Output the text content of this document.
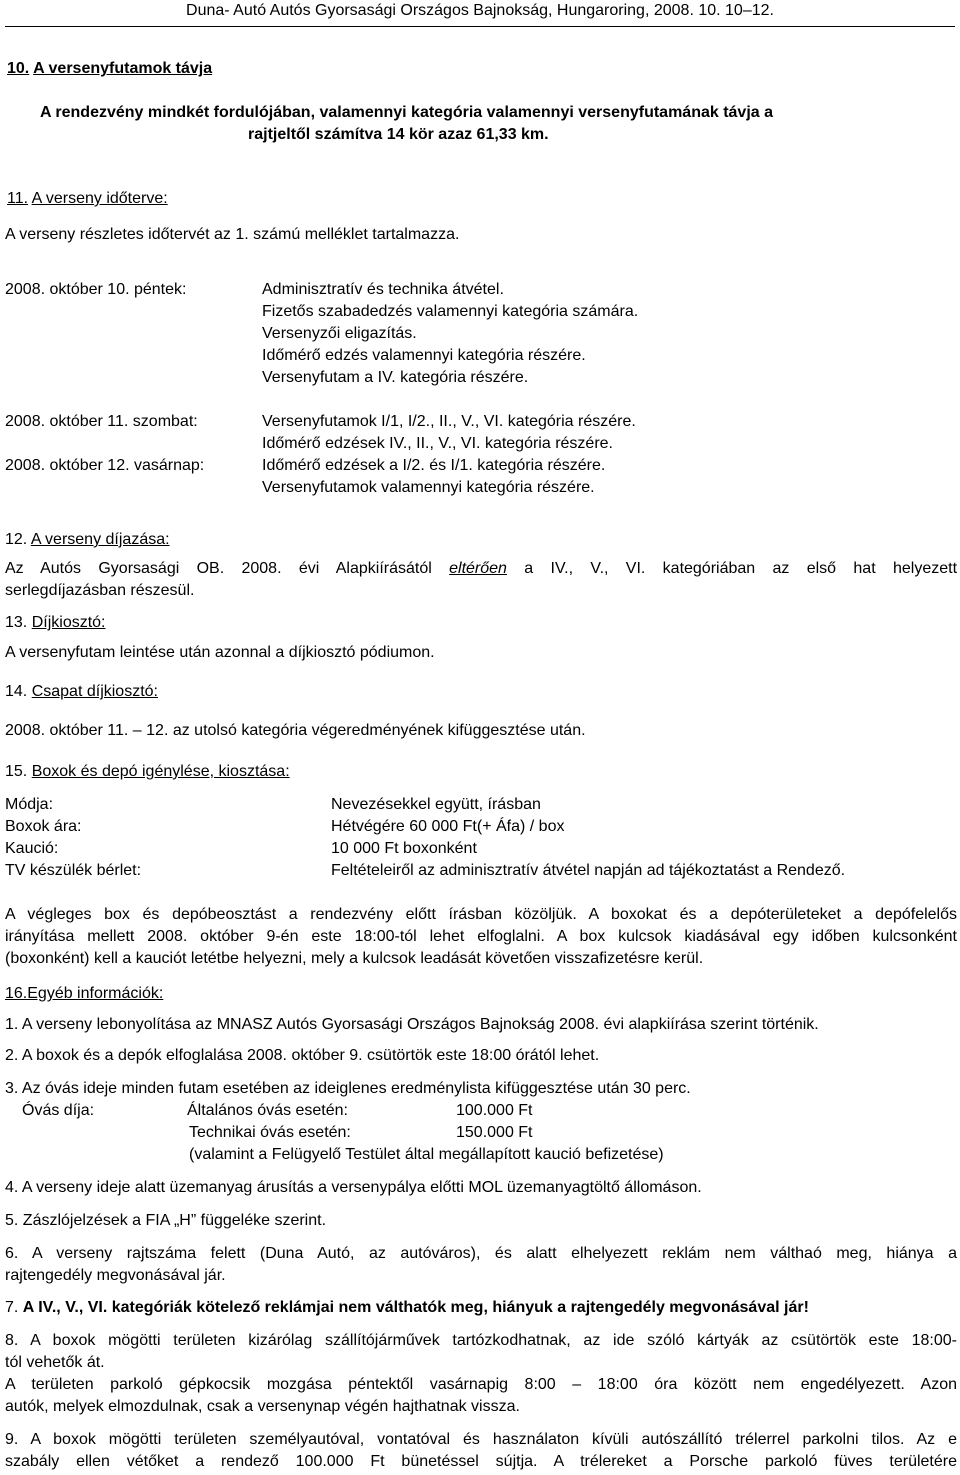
Duna- Autó Autós Gyorsasági Országos Bajnokság, Hungaroring, 2008. 10. 10–12.
10. A versenyfutamok távja
A rendezvény mindkét fordulójában, valamennyi kategória valamennyi versenyfutamának távja a
rajtjeltől számítva 14 kör azaz 61,33 km.
11. A verseny időterve:
A verseny részletes időtervét az 1. számú melléklet tartalmazza.
2008. október 10. péntek:	Adminisztratív és technika átvétel.
Fizetős szabadedzés valamennyi kategória számára.
Versenyzői eligazítás.
Időmérő edzés valamennyi kategória részére.
Versenyfutam a IV. kategória részére.
2008. október 11. szombat:	Versenyfutamok I/1, I/2., II., V., VI. kategória részére.
Időmérő edzések IV., II., V., VI. kategória részére.
2008. október 12. vasárnap:	Időmérő edzések a I/2. és I/1. kategória részére.
Versenyfutamok valamennyi kategória részére.
12. A verseny díjazása:
Az Autós Gyorsasági OB. 2008. évi Alapkiírásától eltérően a IV., V., VI. kategóriában az első hat helyezett
serlegdíjazásban részesül.
13. Díjkiosztó:
A versenyfutam leintése után azonnal a díjkiosztó pódiumon.
14. Csapat díjkiosztó:
2008. október 11. – 12. az utolsó kategória végeredményének kifüggesztése után.
15. Boxok és depó igénylése, kiosztása:
Módja:	Nevezésekkel együtt, írásban
Boxok ára:	Hétvégére 60 000 Ft(+ Áfa) / box
Kaució:	10 000 Ft boxonként
TV készülék bérlet:	Feltételeiről az adminisztratív átvétel napján ad tájékoztatást a Rendező.
A végleges box és depóbeosztást a rendezvény előtt írásban közöljük. A boxokat és a depóterületeket a depófelelős
irányítása mellett 2008. október 9-én este 18:00-tól lehet elfoglalni. A box kulcsok kiadásával egy időben kulcsonként
(boxonként) kell a kauciót letétbe helyezni, mely a kulcsok leadását követően visszafizetésre kerül.
16.Egyéb információk:
1. A verseny lebonyolítása az MNASZ Autós Gyorsasági Országos Bajnokság 2008. évi alapkiírása szerint történik.
2. A boxok és a depók elfoglalása 2008. október 9. csütörtök este 18:00 órától lehet.
3. Az óvás ideje minden futam esetében az ideiglenes eredménylista kifüggesztése után 30 perc.
Óvás díja:	Általános óvás esetén:	100.000 Ft
Technikai óvás esetén:	150.000 Ft
(valamint a Felügyelő Testület által megállapított kaució befizetése)
4. A verseny ideje alatt üzemanyag árusítás a versenypálya előtti MOL üzemanyagtöltő állomáson.
5. Zászlójelzések a FIA „H” függeléke szerint.
6. A verseny rajtszáma felett (Duna Autó, az autóváros), és alatt elhelyezett reklám nem válthaó meg, hiánya a
rajtengedély megvonásával jár.
7. A IV., V., VI. kategóriák kötelező reklámjai nem válthatók meg, hiányuk a rajtengedély megvonásával jár!
8. A boxok mögötti területen kizárólag szállítójárművek tartózkodhatnak, az ide szóló kártyák az csütörtök este 18:00-
tól vehetők át.
A területen parkoló gépkocsik mozgása péntektől vasárnapig 8:00 – 18:00 óra között nem engedélyezett. Azon
autók, melyek elmozdulnak, csak a versenynap végén hajthatnak vissza.
9. A boxok mögötti területen személyautóval, vontatóval és használaton kívüli autószállító trélerrel parkolni tilos. Az e
szabály ellen vétőket a rendező 100.000 Ft bünetéssel sújtja. A trélereket a Porsche parkoló füves területére
